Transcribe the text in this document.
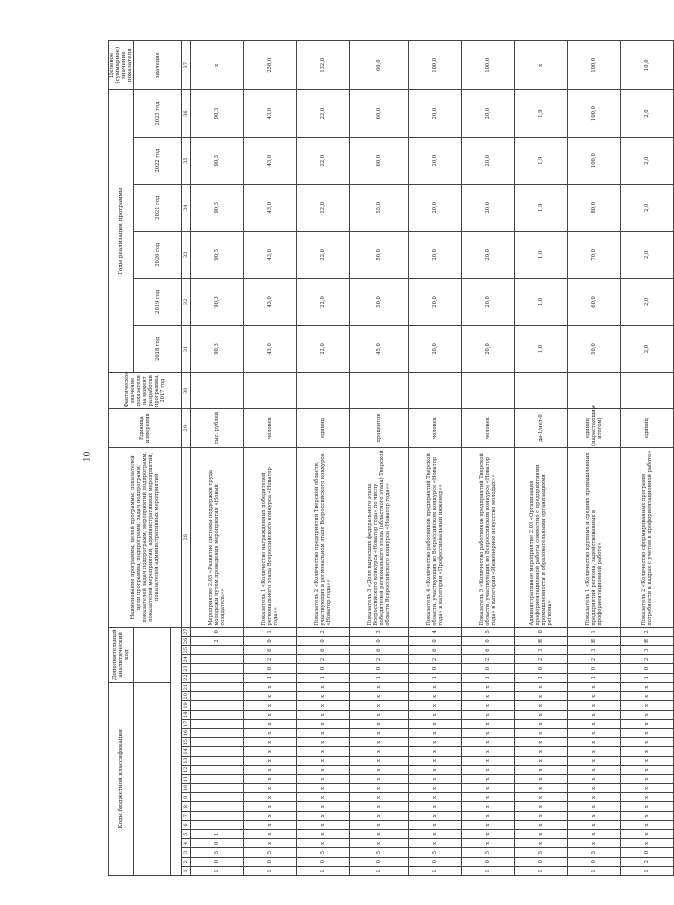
10
Коды бюджетной классификации																					Дополнительный аналитический код						Наименование программы, целей программы, показателей цели программы, подпрограмм, задач подпрограмм, показателей задач подпрограмм, мероприятий подпрограмм, показателей мероприятий, административных мероприятий, показателей административных мероприятий	Единица измерения	Фактическое значение показателя на момент разработки программы, 2017 год	Годы реализации программы						Целевое (суммарное) значение показателя
																														2018 год	2019 год	2020 год	2021 год	2022 год	2023 год	значение

1	2	3	4	5	6	7	8	9	10	11	12	13	14	15	16	17	18	19	20	21	22	23	24	25	26	27	28	29	30	31	32	33	34	35	36	37
1	0	5	0	1																					2	0	Мероприятие 2.05 «Развитие системы поддержки труда молодежи путем проведения мероприятия «Новый созидатель»»	тыс. рублей		90,3	90,3	90,3	90,3	90,3	90,3	x
1	0	5	x	x	x	x	x	x	x	x	x	x	x	x	x	x	x	x	x	x	1	0	2	6	0	1	Показатель 1 «Количество награжденных победителей регионального этапа Всероссийского конкурса «Новатор года»»	человек		43,0	43,0	43,0	43,0	43,0	43,0	258,0
1	0	5	x	x	x	x	x	x	x	x	x	x	x	x	x	x	x	x	x	x	1	0	2	6	0	2	Показатель 2 «Количество предприятий Тверской области, участвующих в региональном этапе Всероссийского конкурса «Новатор года»»	единиц		22,0	22,0	22,0	22,0	22,0	22,0	132,0
1	0	5	x	x	x	x	x	x	x	x	x	x	x	x	x	x	x	x	x	x	1	0	2	6	0	3	Показатель 3 «Доля выросших федерального этапа Всероссийского конкурса «Новатор года» по числу победителей регионального этапа (областного этапа) Тверской области Всероссийского конкурса «Новатор года»»	процентов		45,0	50,0	50,0	55,0	60,0	60,0	60,0
1	0	5	x	x	x	x	x	x	x	x	x	x	x	x	x	x	x	x	x	x	1	0	2	6	0	4	Показатель 4 «Количество работников предприятий Тверской области, участвующих во Всероссийском конкурсе «Новатор года» в категории «Профессиональный инженер»»	человек		20,0	20,0	20,0	20,0	20,0	20,0	100,0
1	0	5	x	x	x	x	x	x	x	x	x	x	x	x	x	x	x	x	x	x	1	0	2	6	0	5	Показатель 5 «Количество работников предприятий Тверской области, участвующих во Всероссийском конкурсе «Новатор года» в категории «Инженерное искусство молодых»»	человек		20,0	20,0	20,0	20,0	20,0	20,0	100,0
1	0	5	x	x	x	x	x	x	x	x	x	x	x	x	x	x	x	x	x	x	1	0	2	3	Я	0	Административное мероприятие 2.03 «Организация профориентационной работы совместно с предприятиями промышленности и образовательными организациями региона»	да-1/нет-0		1,0	1,0	1,0	1,9	1,9	1,9	x
1	0	5	x	x	x	x	x	x	x	x	x	x	x	x	x	x	x	x	x	x	1	0	2	3	Я	1	Показатель 1 «Количество крупных и средних промышленных предприятий региона, задействованных в профориентационной работе»	единиц (нарастающим итогом)		50,0	60,0	70,0	80,0	100,0	100,0	100,0
1	2	0	x	x	x	x	x	x	x	x	x	x	x	x	x	x	x	x	x	x	1	0	2	3	Я	2	Показатель 2 «Количество сформированных программ потребности в кадрах с учетом в профориентационной работе»	единиц		2,0	2,0	2,0	2,0	2,0	2,0	10,0
